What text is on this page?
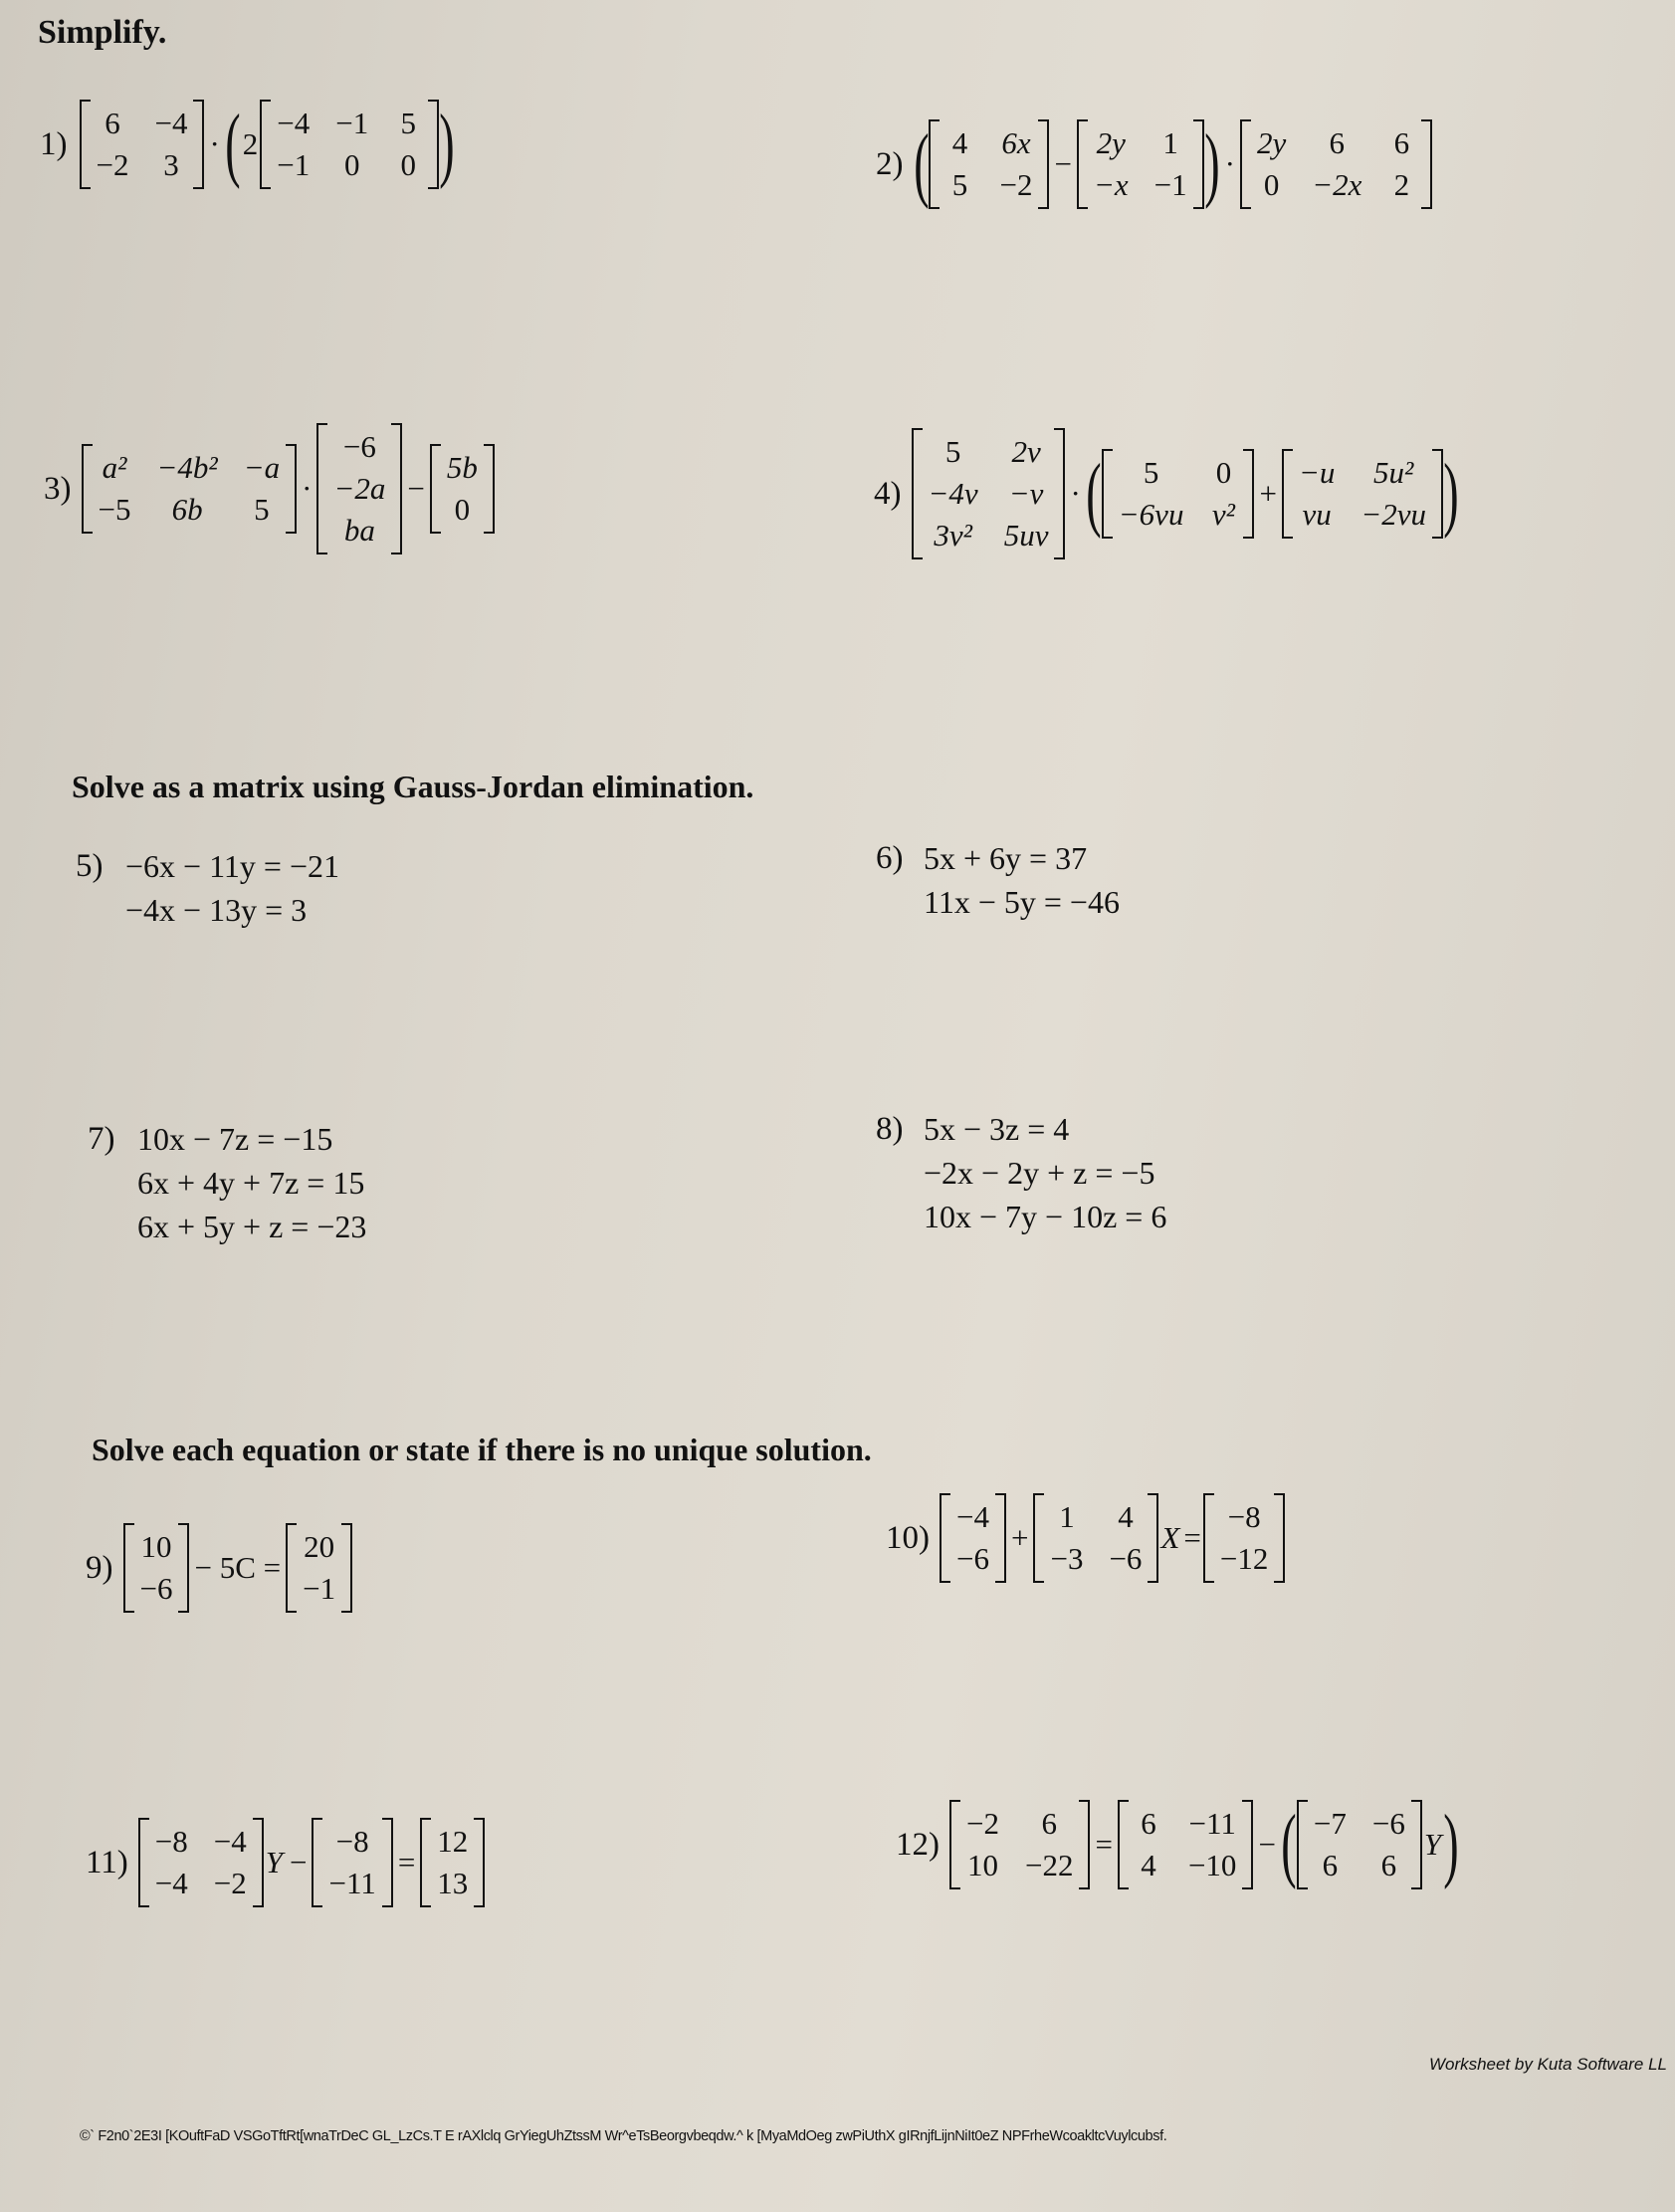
Simplify.
Solve as a matrix using Gauss-Jordan elimination.
Solve each equation or state if there is no unique solution.
1)
6 −4
−2 3
· ( 2
−4 −1 5
−1 0 0 )	2) ( 4 6x
5 −2
−
2y 1
−x −1 ) ·
2y	6	6
0 −2x 2
3)
a² −4b² −a
−5	6b	5
·
−6
−2a
ba
−
5b
0	4)
5	2v
−4v −v
3v² 5uv
· (	5	0
−6vu v²
+
−u	5u²
vu −2vu )
5) −6x − 11y = −21
−4x − 13y = 3
6) 5x + 6y = 37
11x − 5y = −46
7) 10x − 7z = −15
6x + 4y + 7z = 15
6x + 5y + z = −23
8) 5x − 3z = 4
−2x − 2y + z = −5
10x − 7y − 10z = 6
9)
10
−6
− 5C =
20
−1
10)
−4
−6
+
1 4
−3 −6
X =
−8
−12
11)
−8 −4
−4 −2
Y −
−8
−11
=
12
13
12)
−2	6
10 −22
=
6 −11
4 −10
− ( −7 −6
6 6
Y )
Worksheet by Kuta Software LL
©` F2n0`2E3I [KOuftFaD VSGoTftRt[wnaTrDeC GL_LzCs.T E rAXlclq GrYiegUhZtssM Wr^eTsBeorgvbeqdw.^ k [MyaMdOeg zwPiUthX gIRnjfLijnNiIt0eZ NPFrheWcoakltcVuylcubsf.
